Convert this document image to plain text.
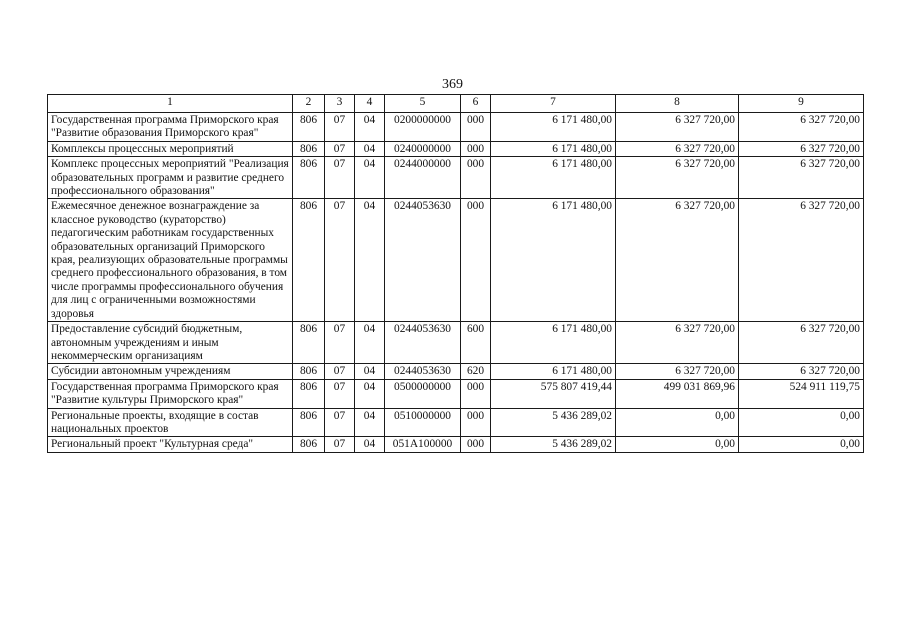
369
1	2	3	4	5	6	7	8	9
Государственная программа Приморского края "Развитие образования Приморского края"	806	07	04	0200000000	000	6 171 480,00	6 327 720,00	6 327 720,00
Комплексы процессных мероприятий	806	07	04	0240000000	000	6 171 480,00	6 327 720,00	6 327 720,00
Комплекс процессных мероприятий "Реализация образовательных программ и развитие среднего профессионального образования"	806	07	04	0244000000	000	6 171 480,00	6 327 720,00	6 327 720,00
Ежемесячное денежное вознаграждение за классное руководство (кураторство) педагогическим работникам государственных образовательных организаций Приморского края, реализующих образовательные программы среднего профессионального образования, в том числе программы профессионального обучения для лиц с ограниченными возможностями здоровья	806	07	04	0244053630	000	6 171 480,00	6 327 720,00	6 327 720,00
Предоставление субсидий бюджетным, автономным учреждениям и иным некоммерческим организациям	806	07	04	0244053630	600	6 171 480,00	6 327 720,00	6 327 720,00
Субсидии автономным учреждениям	806	07	04	0244053630	620	6 171 480,00	6 327 720,00	6 327 720,00
Государственная программа Приморского края "Развитие культуры Приморского края"	806	07	04	0500000000	000	575 807 419,44	499 031 869,96	524 911 119,75
Региональные проекты, входящие в состав национальных проектов	806	07	04	0510000000	000	5 436 289,02	0,00	0,00
Региональный проект "Культурная среда"	806	07	04	051A100000	000	5 436 289,02	0,00	0,00
